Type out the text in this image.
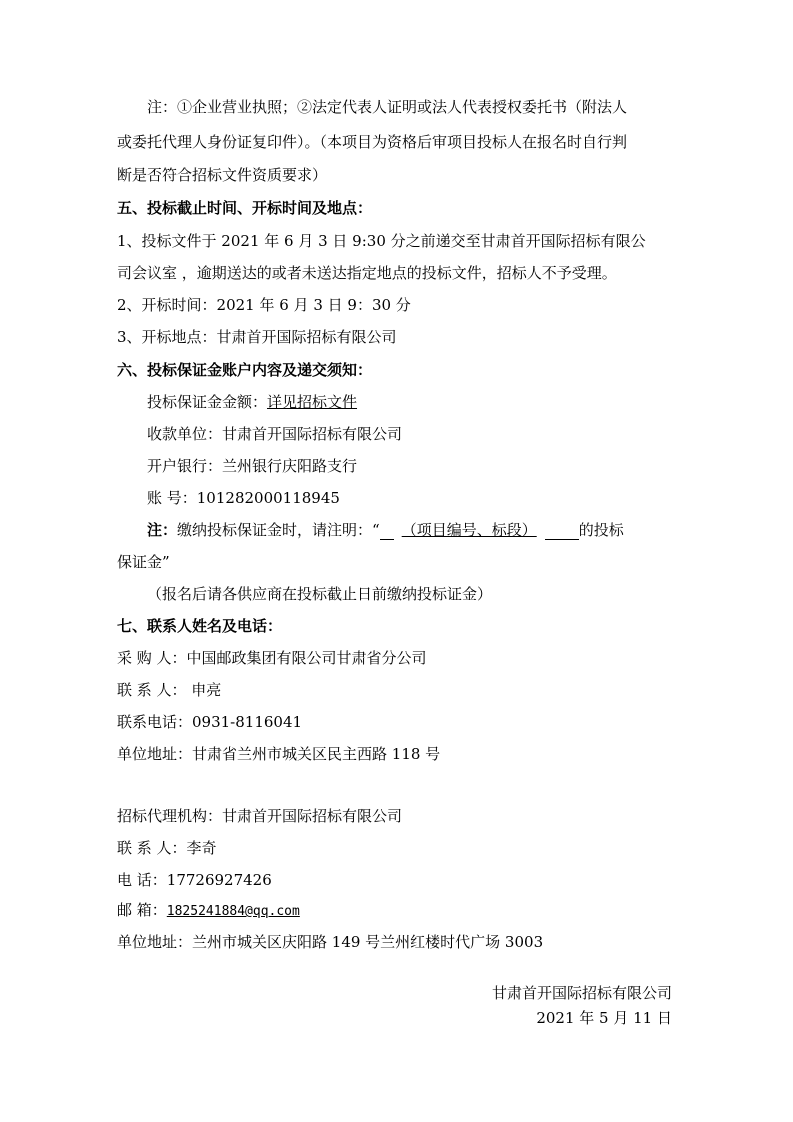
注：①企业营业执照；②法定代表人证明或法人代表授权委托书（附法人
或委托代理人身份证复印件）。（本项目为资格后审项目投标人在报名时自行判
断是否符合招标文件资质要求）
五、投标截止时间、开标时间及地点：
1、投标文件于 2021 年 6 月 3 日 9:30 分之前递交至甘肃首开国际招标有限公
司会议室 ，逾期送达的或者未送达指定地点的投标文件，招标人不予受理。
2、开标时间：2021 年 6 月 3 日 9：30 分
3、开标地点：甘肃首开国际招标有限公司
六、投标保证金账户内容及递交须知：
投标保证金金额：详见招标文件
收款单位：甘肃首开国际招标有限公司
开户银行：兰州银行庆阳路支行
账 号：101282000118945
注：缴纳投标保证金时，请注明：“ （项目编号、标段）	的投标
保证金”
（报名后请各供应商在投标截止日前缴纳投标证金）
七、联系人姓名及电话：
采 购 人：中国邮政集团有限公司甘肃省分公司
联 系 人： 申亮
联系电话：0931-8116041
单位地址：甘肃省兰州市城关区民主西路 118 号
招标代理机构：甘肃首开国际招标有限公司
联 系 人：李奇
电 话：17726927426
邮 箱：1825241884@qq.com
单位地址：兰州市城关区庆阳路 149 号兰州红楼时代广场 3003
甘肃首开国际招标有限公司
2021 年 5 月 11 日
